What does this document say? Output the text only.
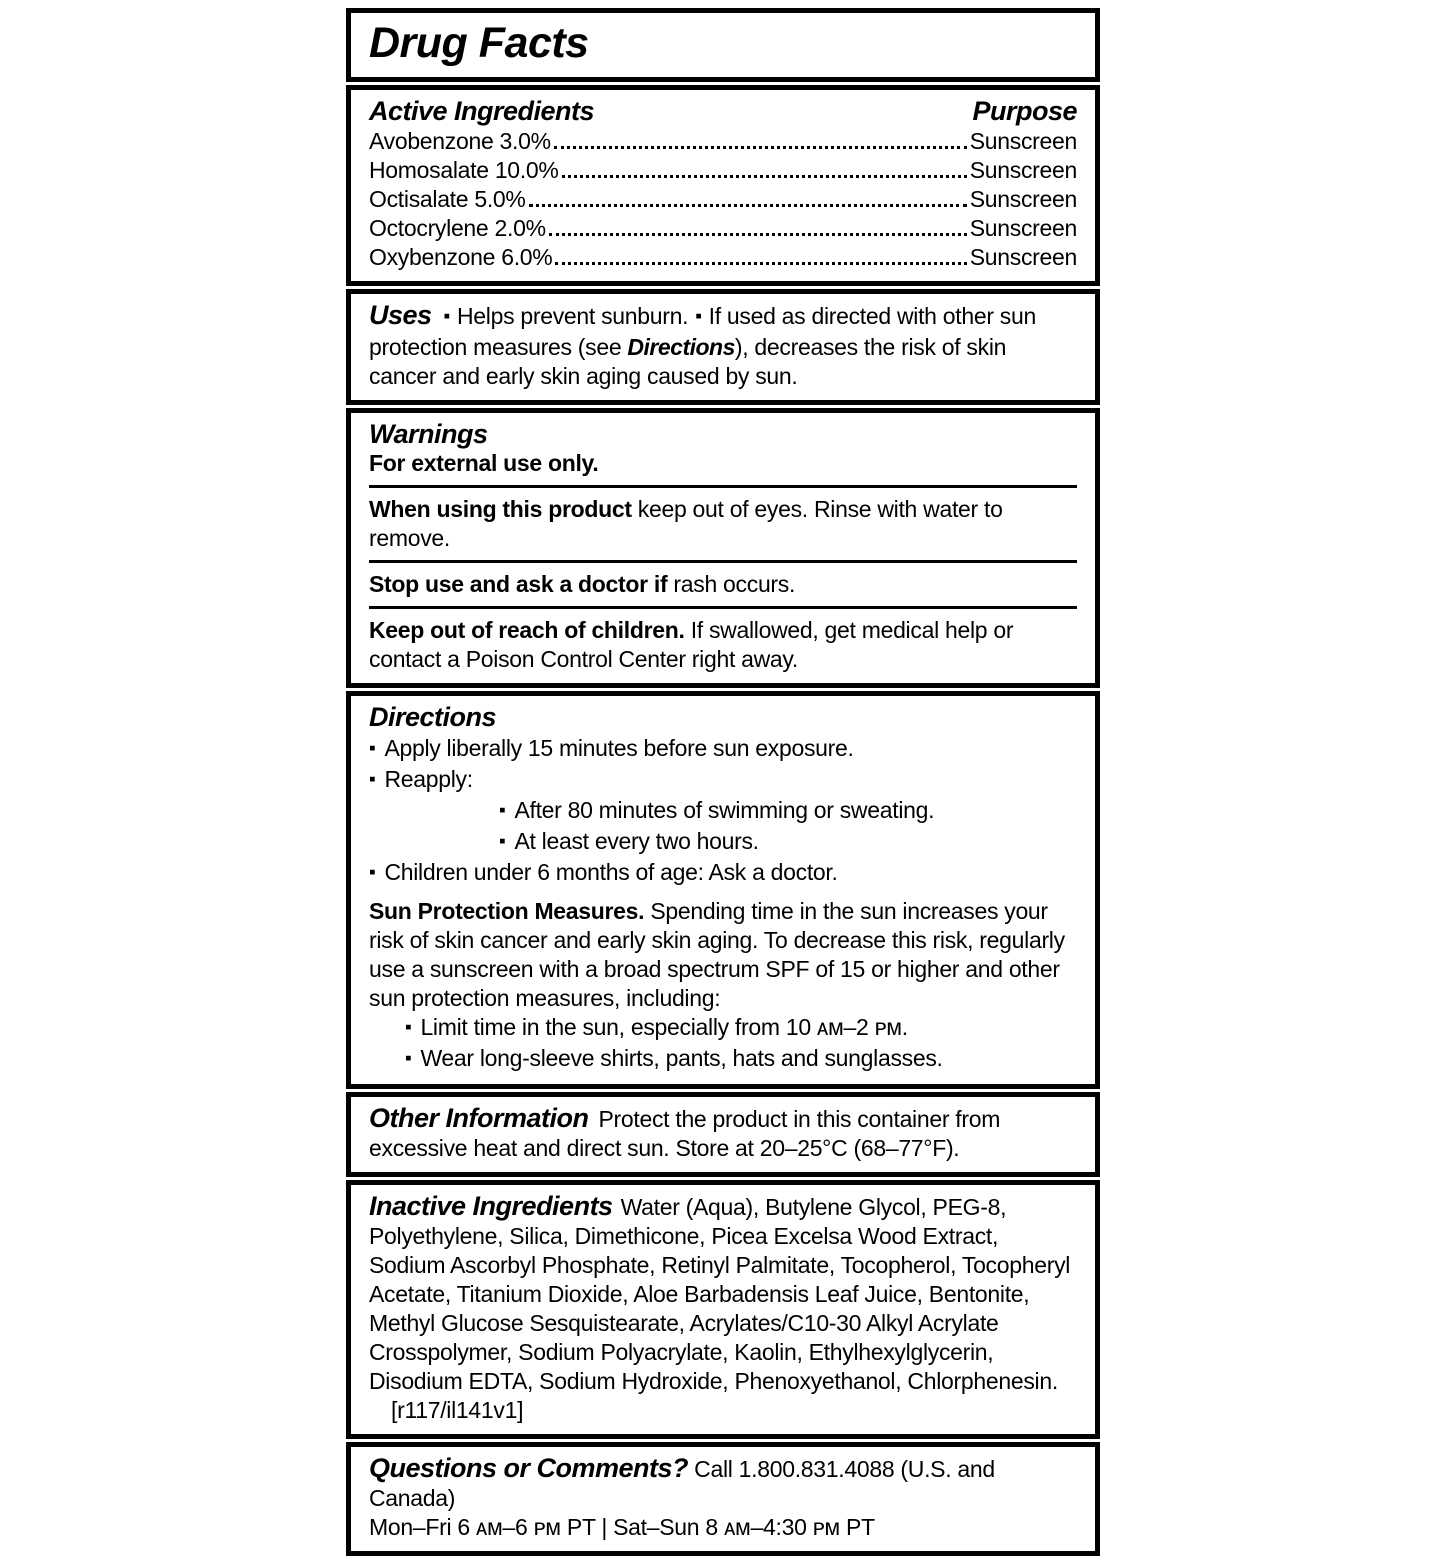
Drug Facts
Active Ingredients	Purpose
Avobenzone 3.0%	Sunscreen
Homosalate 10.0%	Sunscreen
Octisalate 5.0%	Sunscreen
Octocrylene 2.0%	Sunscreen
Oxybenzone 6.0%	Sunscreen

Uses ▪ Helps prevent sunburn. ▪ If used as directed with other sun protection measures (see Directions), decreases the risk of skin cancer and early skin aging caused by sun.

Warnings
For external use only.

When using this product keep out of eyes. Rinse with water to remove.

Stop use and ask a doctor if rash occurs.

Keep out of reach of children. If swallowed, get medical help or contact a Poison Control Center right away.

Directions
▪ Apply liberally 15 minutes before sun exposure.
▪ Reapply:
▪ After 80 minutes of swimming or sweating.
▪ At least every two hours.
▪ Children under 6 months of age: Ask a doctor.

Sun Protection Measures. Spending time in the sun increases your risk of skin cancer and early skin aging. To decrease this risk, regularly use a sunscreen with a broad spectrum SPF of 15 or higher and other sun protection measures, including:

▪ Limit time in the sun, especially from 10 ᴀᴍ–2 ᴘᴍ.
▪ Wear long-sleeve shirts, pants, hats and sunglasses.

Other Information Protect the product in this container from excessive heat and direct sun. Store at 20–25°C (68–77°F).

Inactive Ingredients Water (Aqua), Butylene Glycol, PEG-8, Polyethylene, Silica, Dimethicone, Picea Excelsa Wood Extract, Sodium Ascorbyl Phosphate, Retinyl Palmitate, Tocopherol, Tocopheryl Acetate, Titanium Dioxide, Aloe Barbadensis Leaf Juice, Bentonite, Methyl Glucose Sesquistearate, Acrylates/C10-30 Alkyl Acrylate Crosspolymer, Sodium Polyacrylate, Kaolin, Ethylhexylglycerin, Disodium EDTA, Sodium Hydroxide, Phenoxyethanol, Chlorphenesin.[r117/il141v1]

Questions or Comments? Call 1.800.831.4088 (U.S. and Canada)

Mon–Fri 6 ᴀᴍ–6 ᴘᴍ PT | Sat–Sun 8 ᴀᴍ–4:30 ᴘᴍ PT
